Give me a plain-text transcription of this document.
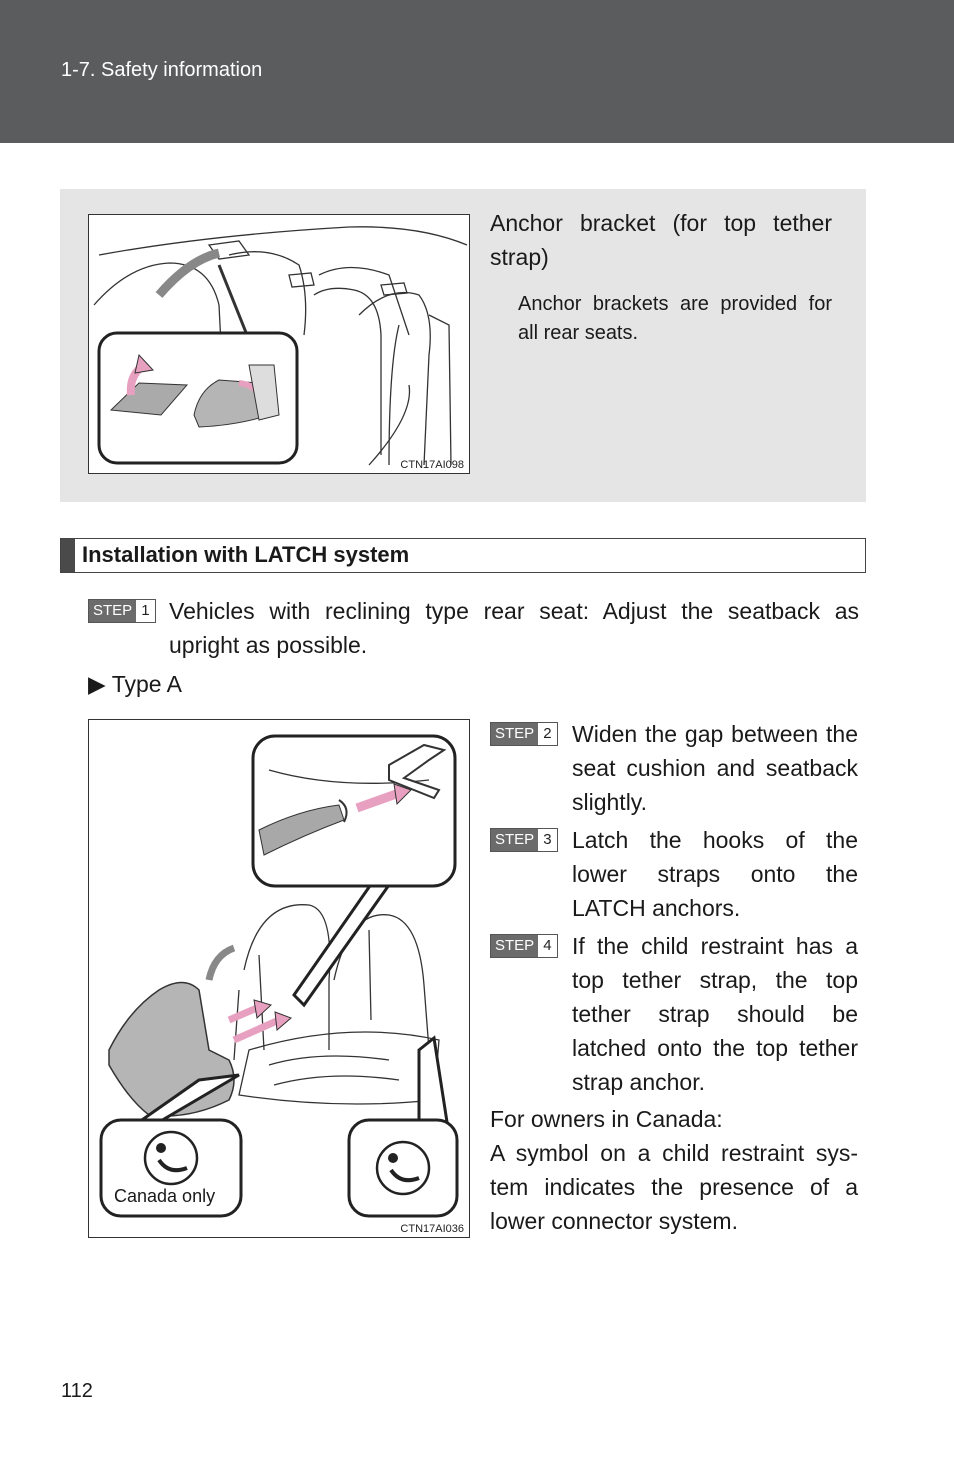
1-7. Safety information
CTN17AI098
Anchor bracket (for top tether strap)
Anchor brackets are provided for all rear seats.
Installation with LATCH system
STEP 1 Vehicles with reclining type rear seat: Adjust the seatback as upright as possible.
▶ Type A
Canada only
CTN17AI036
STEP 2 Widen the gap between the seat cushion and seatback slightly.
STEP 3 Latch the hooks of the lower straps onto the LATCH anchors.
STEP 4 If the child restraint has a top tether strap, the top tether strap should be latched onto the top tether strap anchor.
For owners in Canada:
A symbol on a child restraint sys-tem indicates the presence of a lower connector system.
112
